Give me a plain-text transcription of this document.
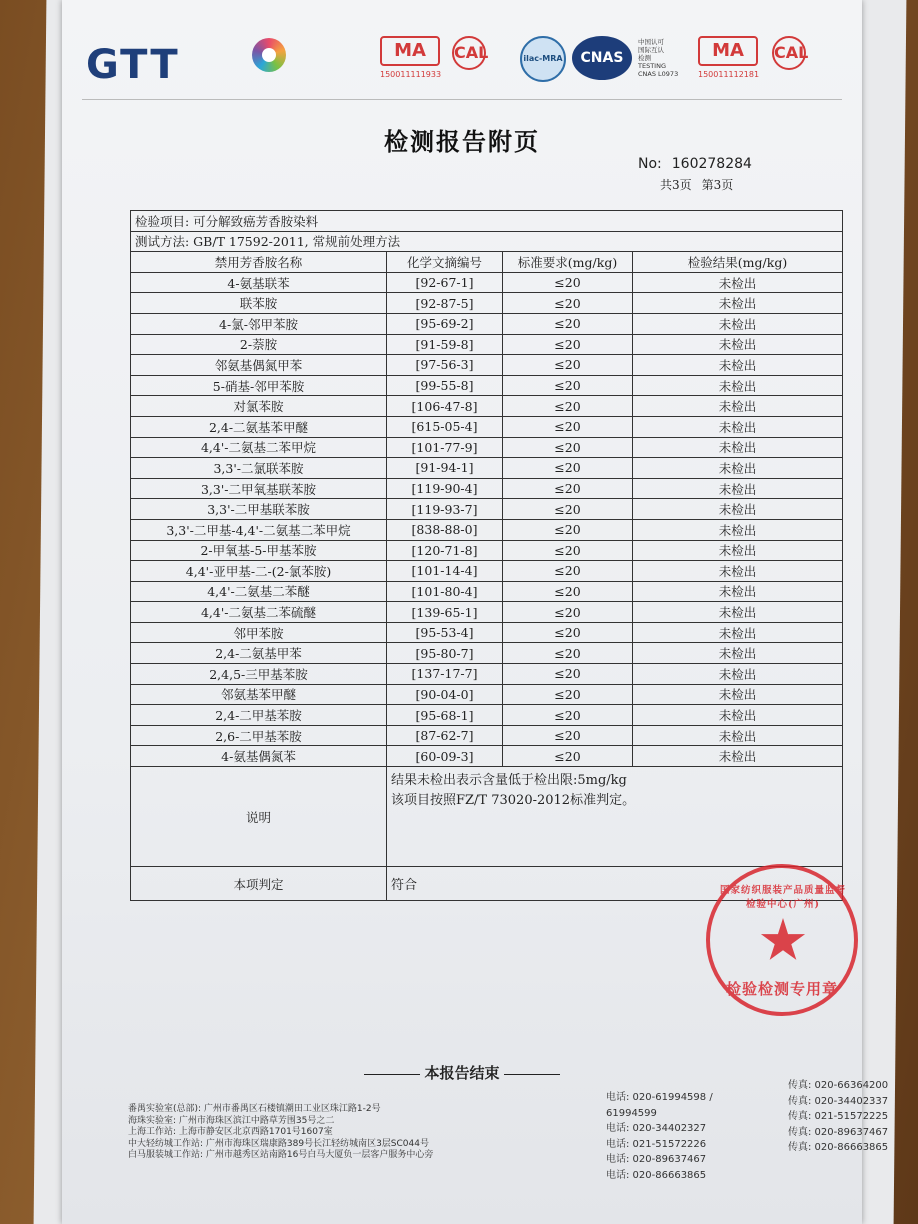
GTT	MA
150011111933
CAL	ilac-MRA	CNAS
中国认可
国际互认
检测
TESTING
CNAS L0973
MA
150011112181
CAL
检测报告附页
No: 160278284
共3页 第3页
检验项目: 可分解致癌芳香胺染料			
测试方法: GB/T 17592-2011, 常规前处理方法			
禁用芳香胺名称	化学文摘编号	标准要求(mg/kg)	检验结果(mg/kg)
4-氨基联苯	[92-67-1]	≤20	未检出
联苯胺	[92-87-5]	≤20	未检出
4-氯-邻甲苯胺	[95-69-2]	≤20	未检出
2-萘胺	[91-59-8]	≤20	未检出
邻氨基偶氮甲苯	[97-56-3]	≤20	未检出
5-硝基-邻甲苯胺	[99-55-8]	≤20	未检出
对氯苯胺	[106-47-8]	≤20	未检出
2,4-二氨基苯甲醚	[615-05-4]	≤20	未检出
4,4'-二氨基二苯甲烷	[101-77-9]	≤20	未检出
3,3'-二氯联苯胺	[91-94-1]	≤20	未检出
3,3'-二甲氧基联苯胺	[119-90-4]	≤20	未检出
3,3'-二甲基联苯胺	[119-93-7]	≤20	未检出
3,3'-二甲基-4,4'-二氨基二苯甲烷	[838-88-0]	≤20	未检出
2-甲氧基-5-甲基苯胺	[120-71-8]	≤20	未检出
4,4'-亚甲基-二-(2-氯苯胺)	[101-14-4]	≤20	未检出
4,4'-二氨基二苯醚	[101-80-4]	≤20	未检出
4,4'-二氨基二苯硫醚	[139-65-1]	≤20	未检出
邻甲苯胺	[95-53-4]	≤20	未检出
2,4-二氨基甲苯	[95-80-7]	≤20	未检出
2,4,5-三甲基苯胺	[137-17-7]	≤20	未检出
邻氨基苯甲醚	[90-04-0]	≤20	未检出
2,4-二甲基苯胺	[95-68-1]	≤20	未检出
2,6-二甲基苯胺	[87-62-7]	≤20	未检出
4-氨基偶氮苯	[60-09-3]	≤20	未检出
说明	结果未检出表示含量低于检出限:5mg/kg
该项目按照FZ/T 73020-2012标准判定。		

本项判定	符合			国家纺织服装产品质量监督检验中心(广州)
检验检测专用章
本报告结束
番禺实验室(总部): 广州市番禺区石楼镇潮田工业区珠江路1-2号
海珠实验室: 广州市海珠区滨江中路草芳围35号之二
上海工作站: 上海市静安区北京西路1701号1607室
中大轻纺城工作站: 广州市海珠区瑞康路389号长江轻纺城南区3层SC044号
白马服装城工作站: 广州市越秀区站南路16号白马大厦负一层客户服务中心旁
电话: 020-61994598 / 61994599
电话: 020-34402327
电话: 021-51572226
电话: 020-89637467
电话: 020-86663865
传真: 020-66364200
传真: 020-34402337
传真: 021-51572225
传真: 020-89637467
传真: 020-86663865
